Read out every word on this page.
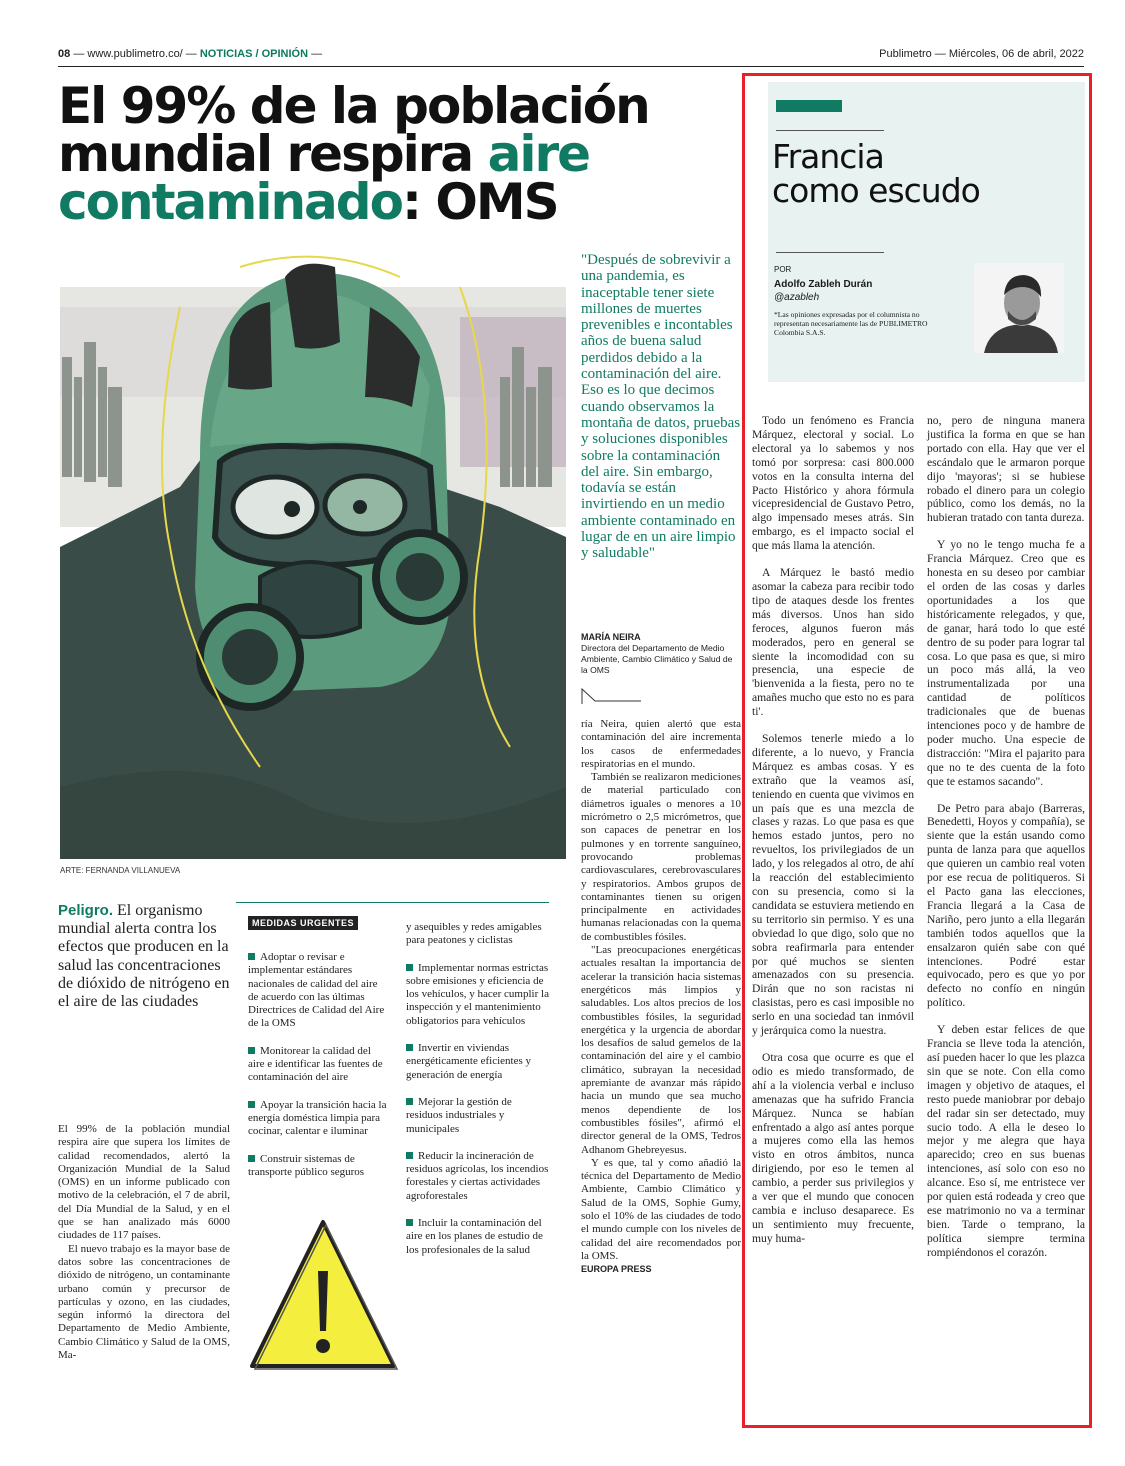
08 — www.publimetro.co/ — NOTICIAS / OPINIÓN —	Publimetro — Miércoles, 06 de abril, 2022
El 99% de la población
mundial respira aire
contaminado: OMS
ARTE: FERNANDA VILLANUEVA
"Después de sobrevivir a una pandemia, es inaceptable tener siete millones de muertes prevenibles e incontables años de buena salud perdidos debido a la contaminación del aire. Eso es lo que decimos cuando observamos la montaña de datos, pruebas y soluciones disponibles sobre la contaminación del aire. Sin embargo, todavía se están invirtiendo en un medio ambiente contaminado en lugar de en un aire limpio y saludable"
MARÍA NEIRA
Directora del Departamento de Medio Ambiente, Cambio Climático y Salud de la OMS
Peligro. El organismo mundial alerta contra los efectos que producen en la salud las concentraciones de dióxido de nitrógeno en el aire de las ciudades

El 99% de la población mundial respira aire que supera los límites de calidad recomendados, alertó la Organización Mundial de la Salud (OMS) en un informe publicado con motivo de la celebración, el 7 de abril, del Día Mundial de la Salud, y en el que se han analizado más 6000 ciudades de 117 países.

El nuevo trabajo es la mayor base de datos sobre las concentraciones de dióxido de nitrógeno, un contaminante urbano común y precursor de partículas y ozono, en las ciudades, según informó la directora del Departamento de Medio Ambiente, Cambio Climático y Salud de la OMS, Ma-

MEDIDAS URGENTES
Adoptar o revisar e implementar estándares nacionales de calidad del aire de acuerdo con las últimas Directrices de Calidad del Aire de la OMS
Monitorear la calidad del aire e identificar las fuentes de contaminación del aire
Apoyar la transición hacia la energía doméstica limpia para cocinar, calentar e iluminar
Construir sistemas de transporte público seguros
y asequibles y redes amigables para peatones y ciclistas
Implementar normas estrictas sobre emisiones y eficiencia de los vehículos, y hacer cumplir la inspección y el mantenimiento obligatorios para vehículos
Invertir en viviendas energéticamente eficientes y generación de energía
Mejorar la gestión de residuos industriales y municipales
Reducir la incineración de residuos agrícolas, los incendios forestales y ciertas actividades agroforestales
Incluir la contaminación del aire en los planes de estudio de los profesionales de la salud

ría Neira, quien alertó que esta contaminación del aire incrementa los casos de enfermedades respiratorias en el mundo.

También se realizaron mediciones de material particulado con diámetros iguales o menores a 10 micrómetro o 2,5 micrómetros, que son capaces de penetrar en los pulmones y en torrente sanguíneo, provocando problemas cardiovasculares, cerebrovasculares y respiratorios. Ambos grupos de contaminantes tienen su origen principalmente en actividades humanas relacionadas con la quema de combustibles fósiles.

"Las preocupaciones energéticas actuales resaltan la importancia de acelerar la transición hacia sistemas energéticos más limpios y saludables. Los altos precios de los combustibles fósiles, la seguridad energética y la urgencia de abordar los desafíos de salud gemelos de la contaminación del aire y el cambio climático, subrayan la necesidad apremiante de avanzar más rápido hacia un mundo que sea mucho menos dependiente de los combustibles fósiles", afirmó el director general de la OMS, Tedros Adhanom Ghebreyesus.

Y es que, tal y como añadió la técnica del Departamento de Medio Ambiente, Cambio Climático y Salud de la OMS, Sophie Gumy, solo el 10% de las ciudades de todo el mundo cumple con los niveles de calidad del aire recomendados por la OMS.

EUROPA PRESS

Francia
como escudo
POR
Adolfo Zableh Durán
@azableh
*Las opiniones expresadas por el columnista no representan necesariamente las de PUBLIMETRO Colombia S.A.S.

Todo un fenómeno es Francia Márquez, electoral y social. Lo electoral ya lo sabemos y nos tomó por sorpresa: casi 800.000 votos en la consulta interna del Pacto Histórico y ahora fórmula vicepresidencial de Gustavo Petro, algo impensado meses atrás. Sin embargo, es el impacto social el que más llama la atención.

A Márquez le bastó medio asomar la cabeza para recibir todo tipo de ataques desde los frentes más diversos. Unos han sido feroces, algunos fueron más moderados, pero en general se siente la incomodidad con su presencia, una especie de 'bienvenida a la fiesta, pero no te amañes mucho que esto no es para ti'.

Solemos tenerle miedo a lo diferente, a lo nuevo, y Francia Márquez es ambas cosas. Y es extraño que la veamos así, teniendo en cuenta que vivimos en un país que es una mezcla de clases y razas. Lo que pasa es que hemos estado juntos, pero no revueltos, los privilegiados de un lado, y los relegados al otro, de ahí la reacción del establecimiento con su presencia, como si la candidata se estuviera metiendo en su territorio sin permiso. Y es una obviedad lo que digo, solo que no sobra reafirmarla para entender por qué muchos se sienten amenazados con su presencia. Dirán que no son racistas ni clasistas, pero es casi imposible no serlo en una sociedad tan inmóvil y jerárquica como la nuestra.

Otra cosa que ocurre es que el odio es miedo transformado, de ahí a la violencia verbal e incluso amenazas que ha sufrido Francia Márquez. Nunca se habían enfrentado a algo así antes porque a mujeres como ella las hemos visto en otros ámbitos, nunca dirigiendo, por eso le temen al cambio, a perder sus privilegios y a ver que el mundo que conocen cambia e incluso desaparece. Es un sentimiento muy frecuente, muy huma-

no, pero de ninguna manera justifica la forma en que se han portado con ella. Hay que ver el escándalo que le armaron porque dijo 'mayoras'; si se hubiese robado el dinero para un colegio público, como los demás, no la hubieran tratado con tanta dureza.

Y yo no le tengo mucha fe a Francia Márquez. Creo que es honesta en su deseo por cambiar el orden de las cosas y darles oportunidades a los que históricamente relegados, y que, de ganar, hará todo lo que esté dentro de su poder para lograr tal cosa. Lo que pasa es que, si miro un poco más allá, la veo instrumentalizada por una cantidad de políticos tradicionales que de buenas intenciones poco y de hambre de poder mucho. Una especie de distracción: "Mira el pajarito para que no te des cuenta de la foto que te estamos sacando".

De Petro para abajo (Barreras, Benedetti, Hoyos y compañía), se siente que la están usando como punta de lanza para que aquellos que quieren un cambio real voten por ese recua de politiqueros. Si el Pacto gana las elecciones, Francia llegará a la Casa de Nariño, pero junto a ella llegarán también todos aquellos que la ensalzaron quién sabe con qué intenciones. Podré estar equivocado, pero es que yo por defecto no confío en ningún político.

Y deben estar felices de que Francia se lleve toda la atención, así pueden hacer lo que les plazca sin que se note. Con ella como imagen y objetivo de ataques, el resto puede maniobrar por debajo del radar sin ser detectado, muy sucio todo. A ella le deseo lo mejor y me alegra que haya aparecido; creo en sus buenas intenciones, así solo con eso no alcance. Eso sí, me entristece ver por quien está rodeada y creo que ese matrimonio no va a terminar bien. Tarde o temprano, la política siempre termina rompiéndonos el corazón.
